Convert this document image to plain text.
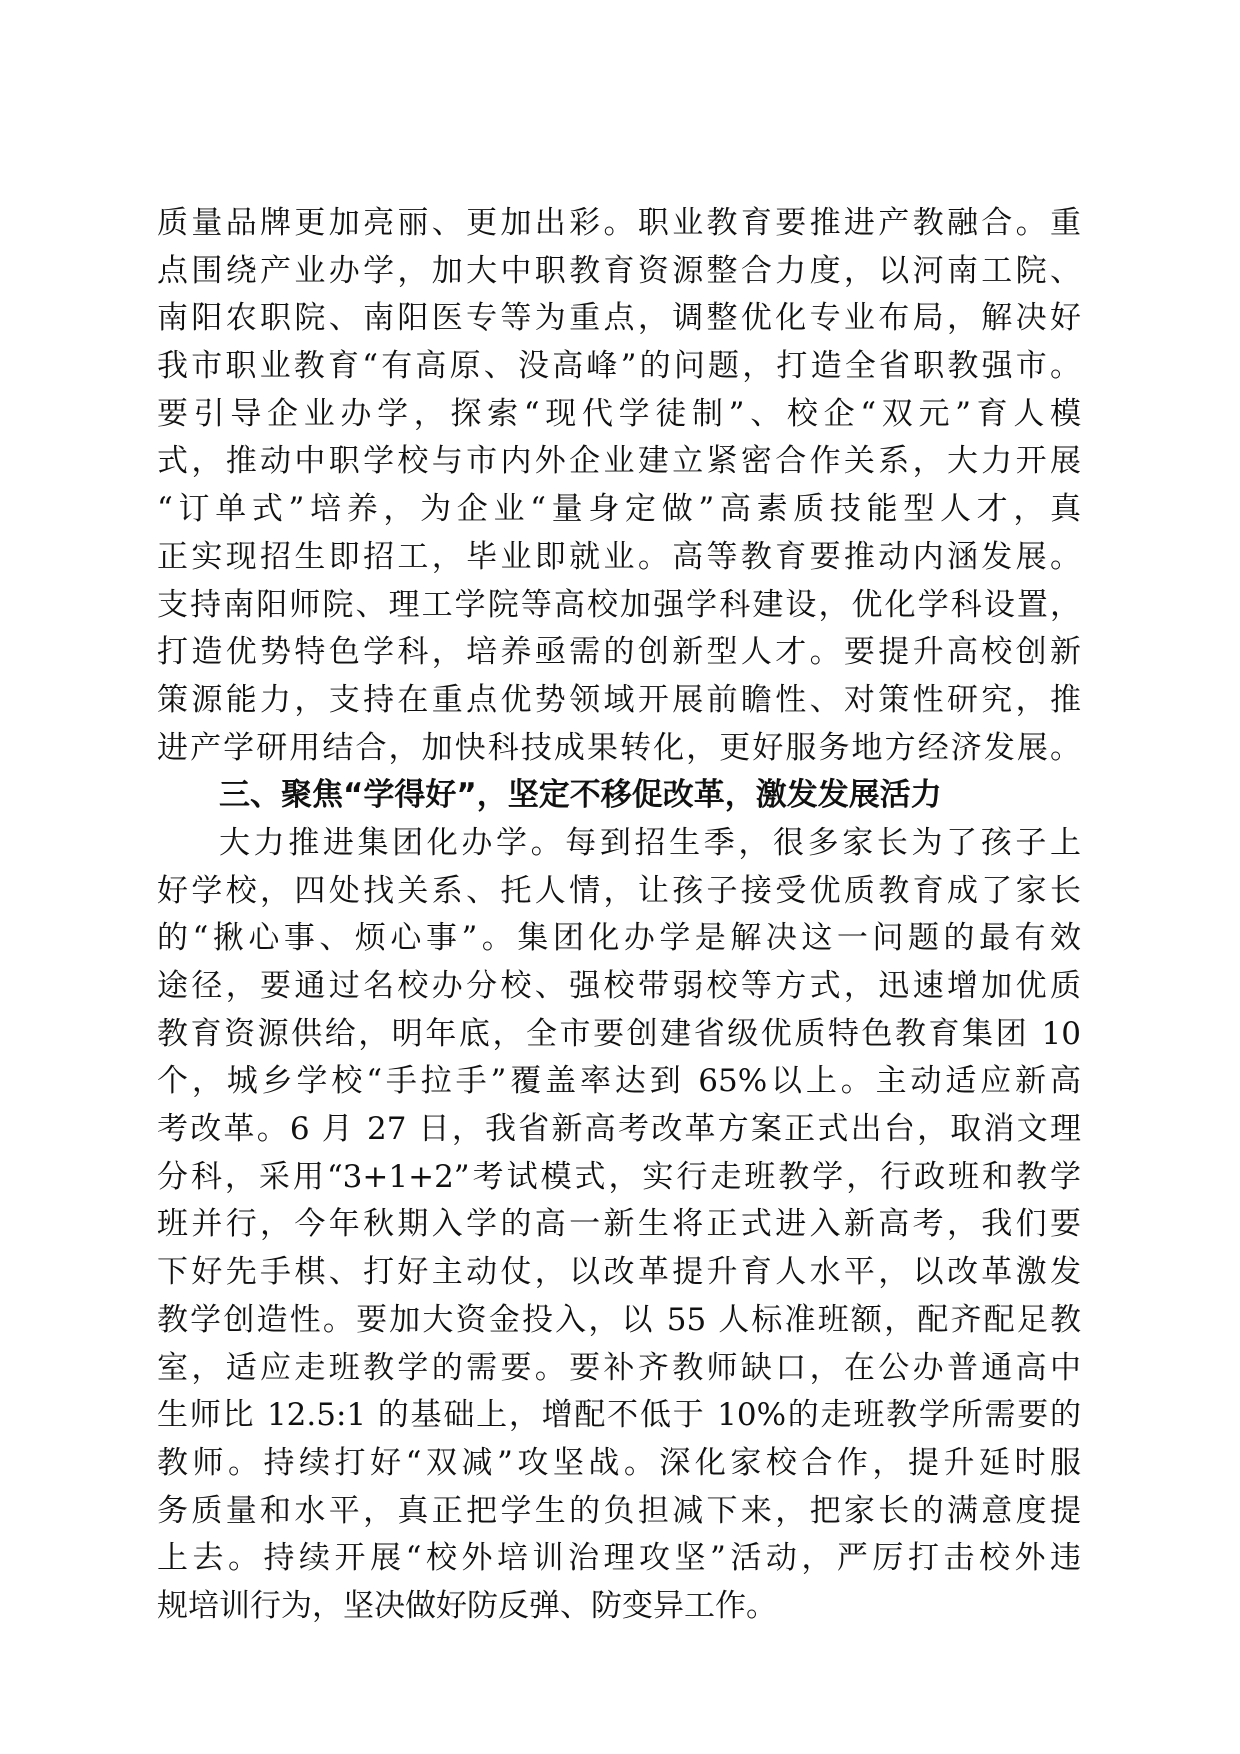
质量品牌更加亮丽、更加出彩。职业教育要推进产教融合。重
点围绕产业办学，加大中职教育资源整合力度，以河南工院、
南阳农职院、南阳医专等为重点，调整优化专业布局，解决好
我市职业教育“有高原、没高峰”的问题，打造全省职教强市。
要引导企业办学，探索“现代学徒制”、校企“双元”育人模
式，推动中职学校与市内外企业建立紧密合作关系，大力开展
“订单式”培养，为企业“量身定做”高素质技能型人才，真
正实现招生即招工，毕业即就业。高等教育要推动内涵发展。
支持南阳师院、理工学院等高校加强学科建设，优化学科设置，
打造优势特色学科，培养亟需的创新型人才。要提升高校创新
策源能力，支持在重点优势领域开展前瞻性、对策性研究，推
进产学研用结合，加快科技成果转化，更好服务地方经济发展。
三、聚焦“学得好”，坚定不移促改革，激发发展活力
大力推进集团化办学。每到招生季，很多家长为了孩子上
好学校，四处找关系、托人情，让孩子接受优质教育成了家长
的“揪心事、烦心事”。集团化办学是解决这一问题的最有效
途径，要通过名校办分校、强校带弱校等方式，迅速增加优质
教育资源供给，明年底，全市要创建省级优质特色教育集团 10
个，城乡学校“手拉手”覆盖率达到 65%以上。主动适应新高
考改革。6 月 27 日，我省新高考改革方案正式出台，取消文理
分科，采用“3+1+2”考试模式，实行走班教学，行政班和教学
班并行，今年秋期入学的高一新生将正式进入新高考，我们要
下好先手棋、打好主动仗，以改革提升育人水平，以改革激发
教学创造性。要加大资金投入，以 55 人标准班额，配齐配足教
室，适应走班教学的需要。要补齐教师缺口，在公办普通高中
生师比 12.5:1 的基础上，增配不低于 10%的走班教学所需要的
教师。持续打好“双减”攻坚战。深化家校合作，提升延时服
务质量和水平，真正把学生的负担减下来，把家长的满意度提
上去。持续开展“校外培训治理攻坚”活动，严厉打击校外违
规培训行为，坚决做好防反弹、防变异工作。
